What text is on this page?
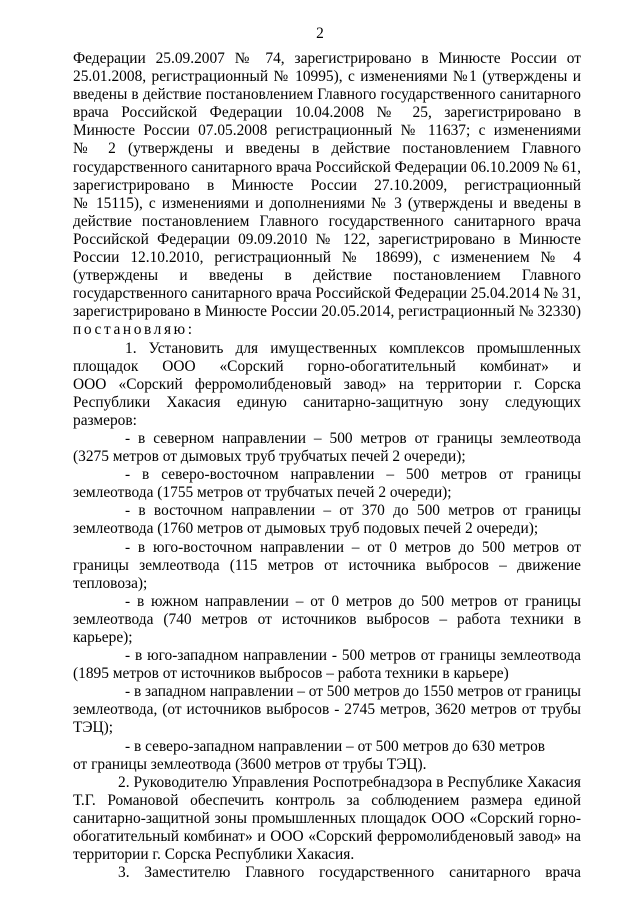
2
Федерации 25.09.2007 № 74, зарегистрировано в Минюсте России от
25.01.2008, регистрационный № 10995), с изменениями №1 (утверждены и
введены в действие постановлением Главного государственного санитарного
врача Российской Федерации 10.04.2008 № 25, зарегистрировано в
Минюсте России 07.05.2008 регистрационный № 11637; с изменениями
№ 2 (утверждены и введены в действие постановлением Главного
государственного санитарного врача Российской Федерации 06.10.2009 № 61,
зарегистрировано в Минюсте России 27.10.2009, регистрационный
№ 15115), с изменениями и дополнениями № 3 (утверждены и введены в
действие постановлением Главного государственного санитарного врача
Российской Федерации 09.09.2010 № 122, зарегистрировано в Минюсте
России 12.10.2010, регистрационный № 18699), с изменением № 4
(утверждены и введены в действие постановлением Главного
государственного санитарного врача Российской Федерации 25.04.2014 № 31,
зарегистрировано в Минюсте России 20.05.2014, регистрационный № 32330)
постановляю:
1. Установить для имущественных комплексов промышленных
площадок ООО «Сорский горно-обогатительный комбинат» и
ООО «Сорский ферромолибденовый завод» на территории г. Сорска
Республики Хакасия единую санитарно-защитную зону следующих
размеров:
- в северном направлении – 500 метров от границы землеотвода
(3275 метров от дымовых труб трубчатых печей 2 очереди);
- в северо-восточном направлении – 500 метров от границы
землеотвода (1755 метров от трубчатых печей 2 очереди);
- в восточном направлении – от 370 до 500 метров от границы
землеотвода (1760 метров от дымовых труб подовых печей 2 очереди);
- в юго-восточном направлении – от 0 метров до 500 метров от
границы землеотвода (115 метров от источника выбросов – движение
тепловоза);
- в южном направлении – от 0 метров до 500 метров от границы
землеотвода (740 метров от источников выбросов – работа техники в
карьере);
- в юго-западном направлении - 500 метров от границы землеотвода
(1895 метров от источников выбросов – работа техники в карьере)
- в западном направлении – от 500 метров до 1550 метров от границы
землеотвода, (от источников выбросов - 2745 метров, 3620 метров от трубы
ТЭЦ);
- в северо-западном направлении – от 500 метров до 630 метров
от границы землеотвода (3600 метров от трубы ТЭЦ).
2. Руководителю Управления Роспотребнадзора в Республике Хакасия
Т.Г. Романовой обеспечить контроль за соблюдением размера единой
санитарно-защитной зоны промышленных площадок ООО «Сорский горно-
обогатительный комбинат» и ООО «Сорский ферромолибденовый завод» на
территории г. Сорска Республики Хакасия.
3. Заместителю Главного государственного санитарного врача
